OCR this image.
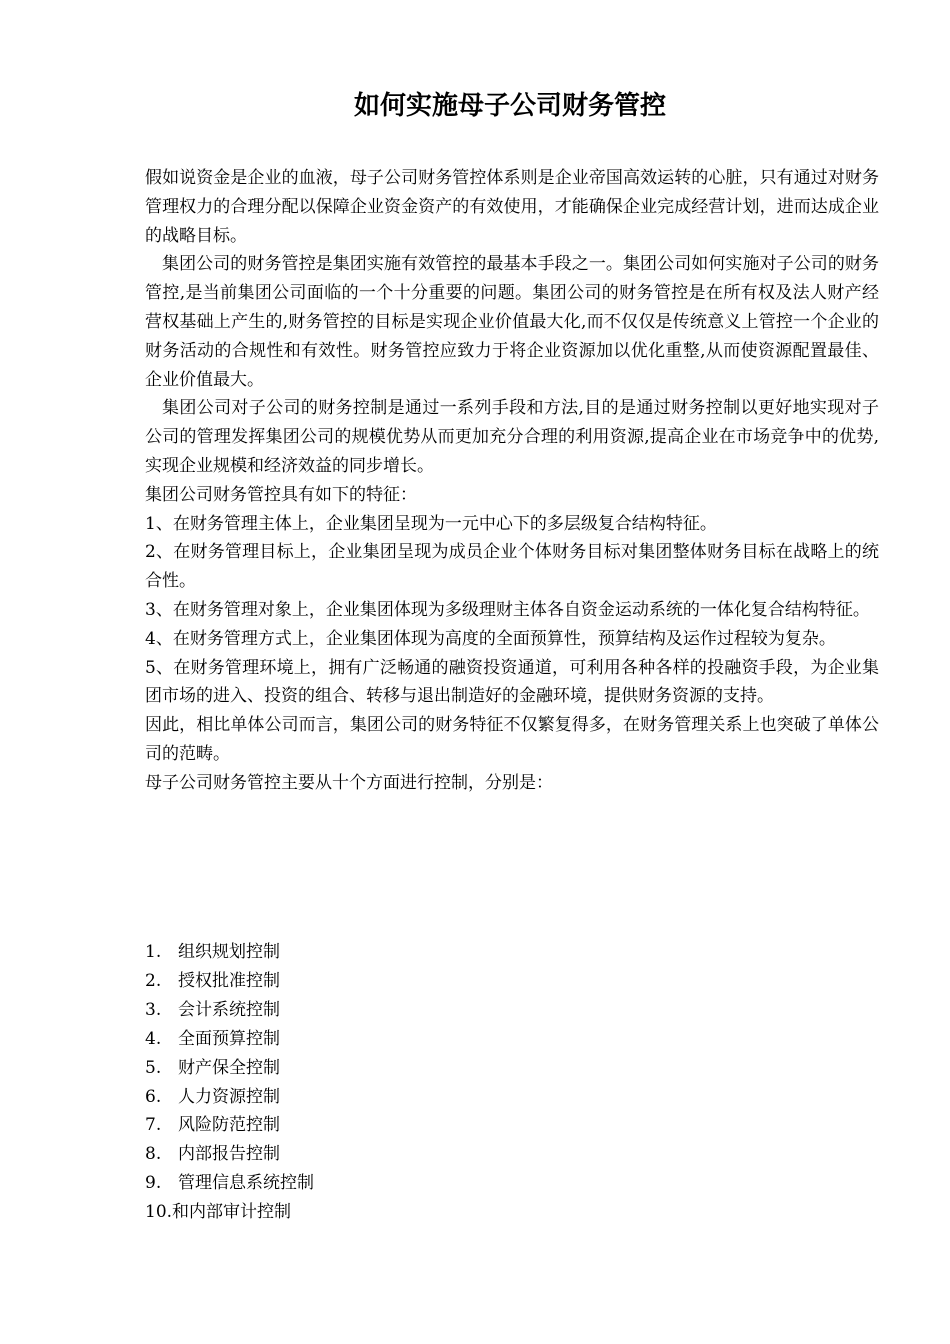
如何实施母子公司财务管控

假如说资金是企业的血液，母子公司财务管控体系则是企业帝国高效运转的心脏，只有通过对财务管理权力的合理分配以保障企业资金资产的有效使用，才能确保企业完成经营计划，进而达成企业的战略目标。

集团公司的财务管控是集团实施有效管控的最基本手段之一。集团公司如何实施对子公司的财务管控,是当前集团公司面临的一个十分重要的问题。集团公司的财务管控是在所有权及法人财产经营权基础上产生的,财务管控的目标是实现企业价值最大化,而不仅仅是传统意义上管控一个企业的财务活动的合规性和有效性。财务管控应致力于将企业资源加以优化重整,从而使资源配置最佳、企业价值最大。

集团公司对子公司的财务控制是通过一系列手段和方法,目的是通过财务控制以更好地实现对子公司的管理发挥集团公司的规模优势从而更加充分合理的利用资源,提高企业在市场竞争中的优势,实现企业规模和经济效益的同步增长。

集团公司财务管控具有如下的特征：

1、在财务管理主体上，企业集团呈现为一元中心下的多层级复合结构特征。

2、在财务管理目标上，企业集团呈现为成员企业个体财务目标对集团整体财务目标在战略上的统合性。

3、在财务管理对象上，企业集团体现为多级理财主体各自资金运动系统的一体化复合结构特征。

4、在财务管理方式上，企业集团体现为高度的全面预算性，预算结构及运作过程较为复杂。

5、在财务管理环境上，拥有广泛畅通的融资投资通道，可利用各种各样的投融资手段，为企业集团市场的进入、投资的组合、转移与退出制造好的金融环境，提供财务资源的支持。

因此，相比单体公司而言，集团公司的财务特征不仅繁复得多，在财务管理关系上也突破了单体公司的范畴。

母子公司财务管控主要从十个方面进行控制，分别是：

1. 组织规划控制
2. 授权批准控制
3. 会计系统控制
4. 全面预算控制
5. 财产保全控制
6. 人力资源控制
7. 风险防范控制
8. 内部报告控制
9. 管理信息系统控制
10.和内部审计控制
